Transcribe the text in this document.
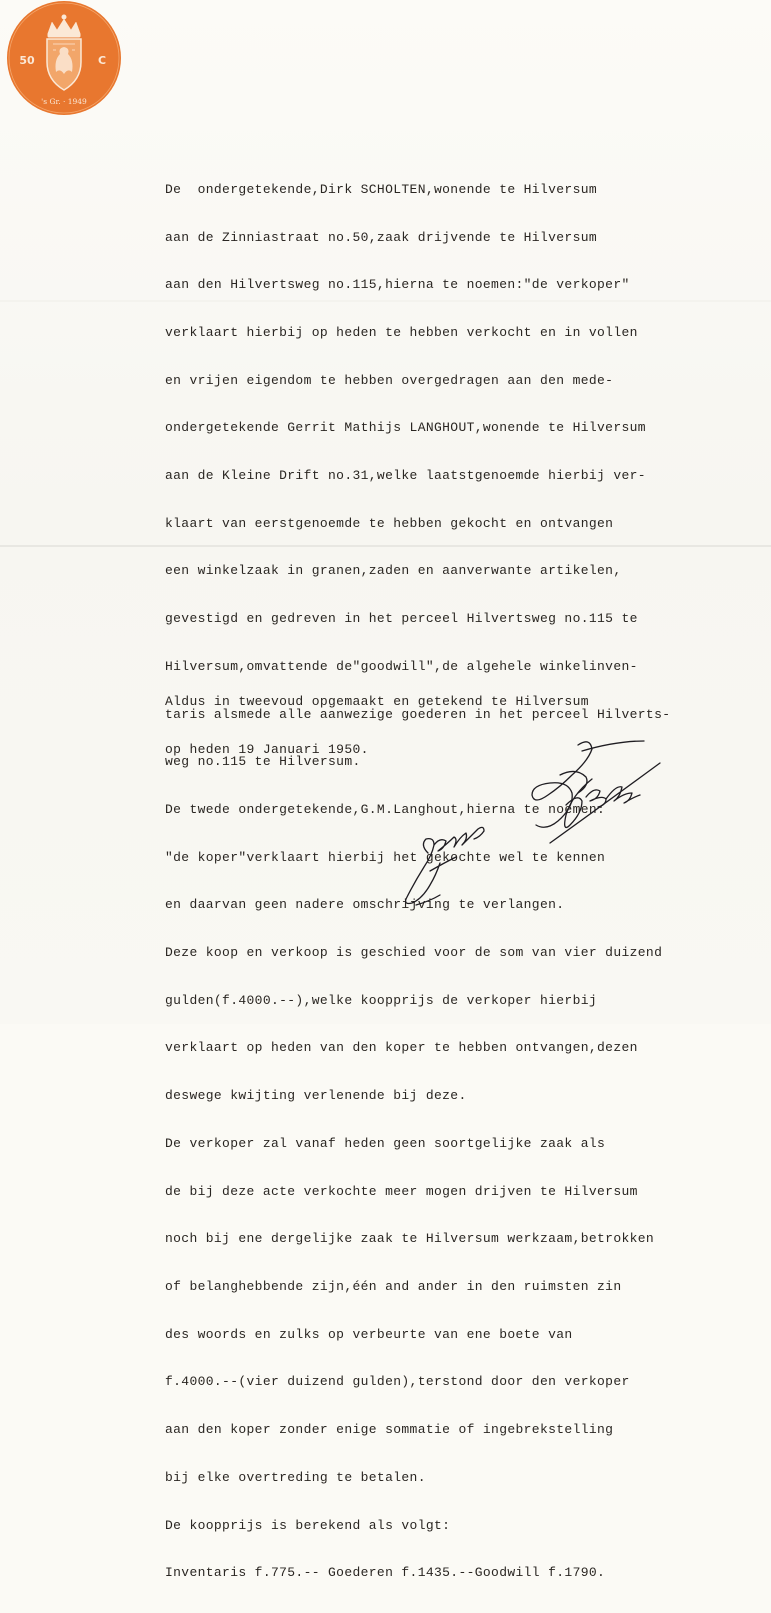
50	C
's Gr. · 1949

De  ondergetekende,Dirk SCHOLTEN,wonende te Hilversum

aan de Zinniastraat no.50,zaak drijvende te Hilversum

aan den Hilvertsweg no.115,hierna te noemen:"de verkoper"

verklaart hierbij op heden te hebben verkocht en in vollen

en vrijen eigendom te hebben overgedragen aan den mede-

ondergetekende Gerrit Mathijs LANGHOUT,wonende te Hilversum

aan de Kleine Drift no.31,welke laatstgenoemde hierbij ver-

klaart van eerstgenoemde te hebben gekocht en ontvangen

een winkelzaak in granen,zaden en aanverwante artikelen,

gevestigd en gedreven in het perceel Hilvertsweg no.115 te

Hilversum,omvattende de"goodwill",de algehele winkelinven-

taris alsmede alle aanwezige goederen in het perceel Hilverts-

weg no.115 te Hilversum.

De twede ondergetekende,G.M.Langhout,hierna te noemen:

"de koper"verklaart hierbij het gekochte wel te kennen

en daarvan geen nadere omschrijving te verlangen.

Deze koop en verkoop is geschied voor de som van vier duizend

gulden(f.4000.--),welke koopprijs de verkoper hierbij

verklaart op heden van den koper te hebben ontvangen,dezen

deswege kwijting verlenende bij deze.

De verkoper zal vanaf heden geen soortgelijke zaak als

de bij deze acte verkochte meer mogen drijven te Hilversum

noch bij ene dergelijke zaak te Hilversum werkzaam,betrokken

of belanghebbende zijn,één and ander in den ruimsten zin

des woords en zulks op verbeurte van ene boete van

f.4000.--(vier duizend gulden),terstond door den verkoper

aan den koper zonder enige sommatie of ingebrekstelling

bij elke overtreding te betalen.

De koopprijs is berekend als volgt:

Inventaris f.775.-- Goederen f.1435.--Goodwill f.1790.

Aldus in tweevoud opgemaakt en getekend te Hilversum

op heden 19 Januari 1950.
